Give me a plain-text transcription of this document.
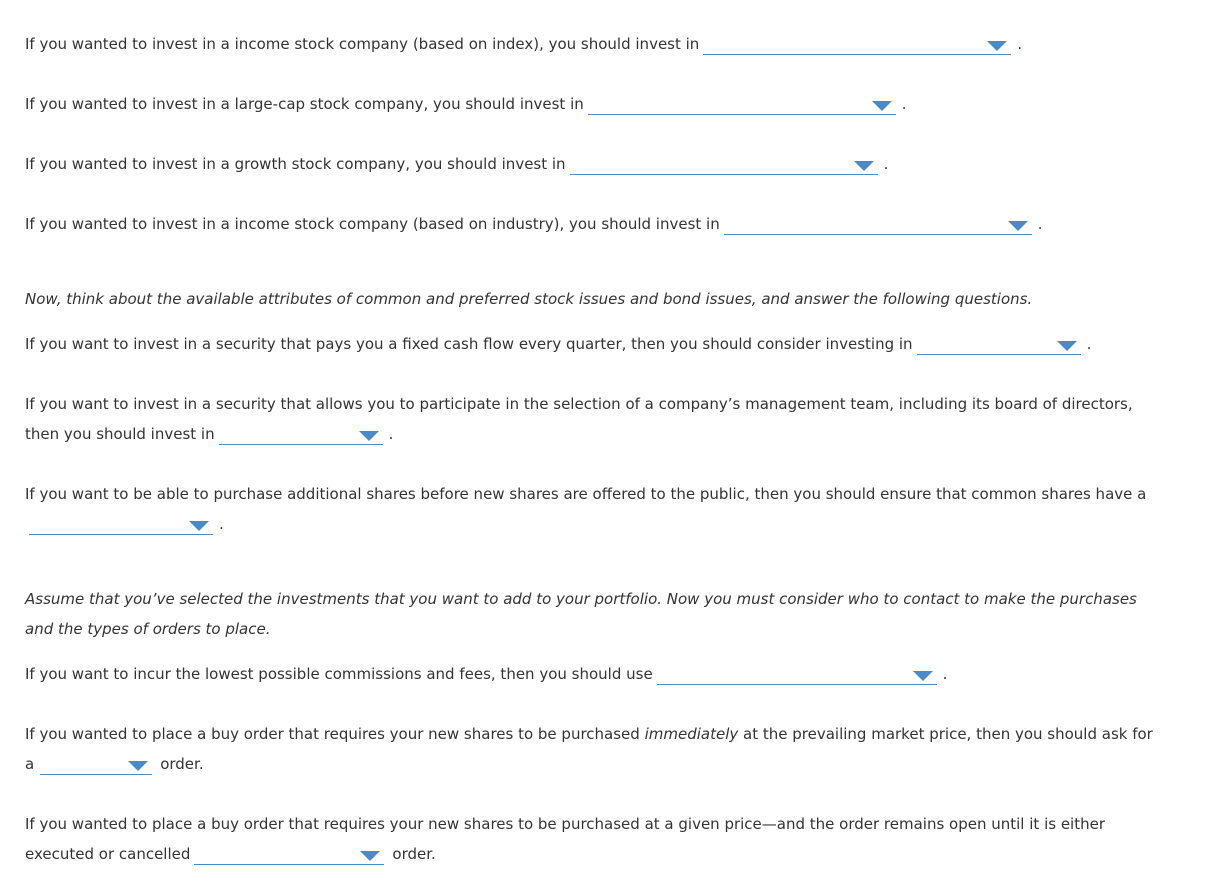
If you wanted to invest in a income stock company (based on index), you should invest in	.
If you wanted to invest in a large-cap stock company, you should invest in	.
If you wanted to invest in a growth stock company, you should invest in	.
If you wanted to invest in a income stock company (based on industry), you should invest in	.
Now, think about the available attributes of common and preferred stock issues and bond issues, and answer the following questions.
If you want to invest in a security that pays you a fixed cash flow every quarter, then you should consider investing in	.
If you want to invest in a security that allows you to participate in the selection of a company’s management team, including its board of directors,
then you should invest in	.
If you want to be able to purchase additional shares before new shares are offered to the public, then you should ensure that common shares have a
.
Assume that you’ve selected the investments that you want to add to your portfolio. Now you must consider who to contact to make the purchases
and the types of orders to place.
If you want to incur the lowest possible commissions and fees, then you should use	.
If you wanted to place a buy order that requires your new shares to be purchased immediately at the prevailing market price, then you should ask for
a	order.
If you wanted to place a buy order that requires your new shares to be purchased at a given price—and the order remains open until it is either
executed or cancelled	order.
